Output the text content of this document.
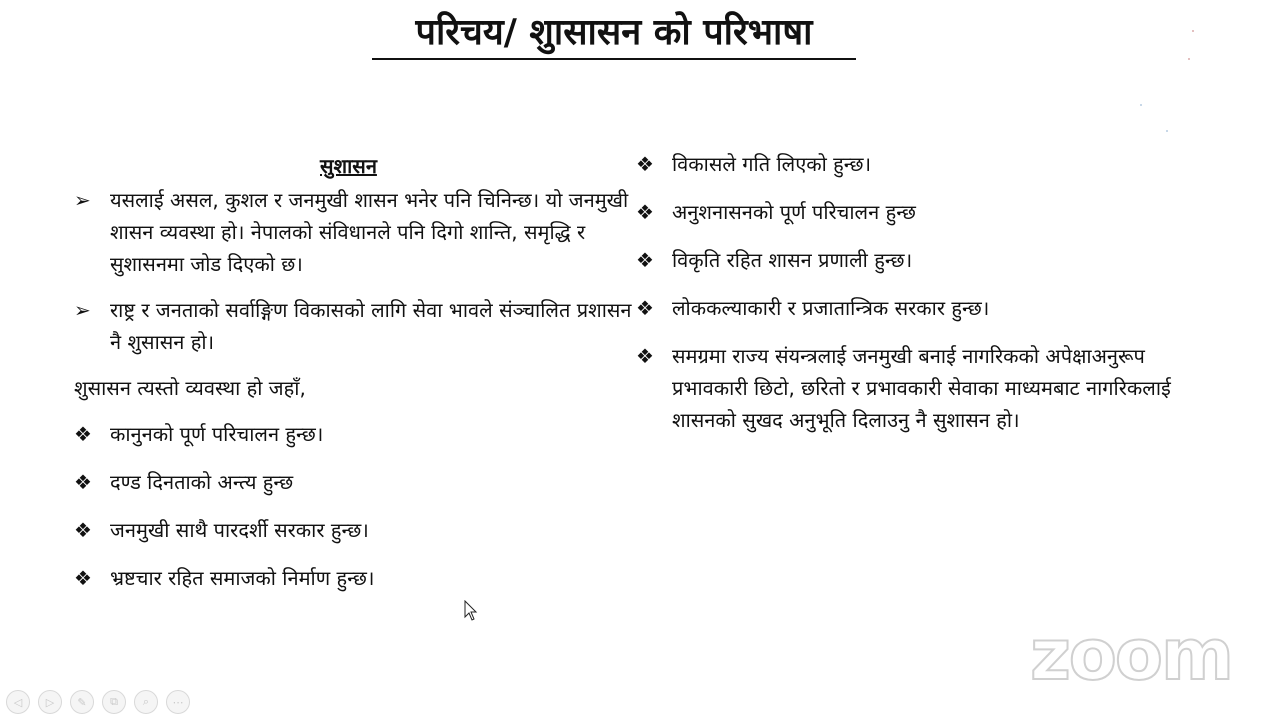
परिचय/ शुासासन को परिभाषा
सुशासन
➢ यसलाई असल, कुशल र जनमुखी शासन भनेर पनि चिनिन्छ। यो जनमुखी शासन व्यवस्था हो। नेपालको संविधानले पनि दिगो शान्ति, समृद्धि र सुशासनमा जोड दिएको छ।
➢ राष्ट्र र जनताको सर्वाङ्गिण विकासको लागि सेवा भावले संञ्चालित प्रशासन नै शुसासन हो।
शुसासन त्यस्तो व्यवस्था हो जहाँ,
❖ कानुनको पूर्ण परिचालन हुन्छ।
❖ दण्ड दिनताको अन्त्य हुन्छ
❖ जनमुखी साथै पारदर्शी सरकार हुन्छ।
❖ भ्रष्टचार रहित समाजको निर्माण हुन्छ।
❖ विकासले गति लिएको हुन्छ।
❖ अनुशनासनको पूर्ण परिचालन हुन्छ
❖ विकृति रहित शासन प्रणाली हुन्छ।
❖ लोककल्याकारी र प्रजातान्त्रिक सरकार हुन्छ।
❖ समग्रमा राज्य संयन्त्रलाई जनमुखी बनाई नागरिकको अपेक्षाअनुरूप प्रभावकारी छिटो, छरितो र प्रभावकारी सेवाका माध्यमबाट नागरिकलाई शासनको सुखद अनुभूति दिलाउनु नै सुशासन हो।
◁	▷	✎	⧉	⌕	⋯
zoom
